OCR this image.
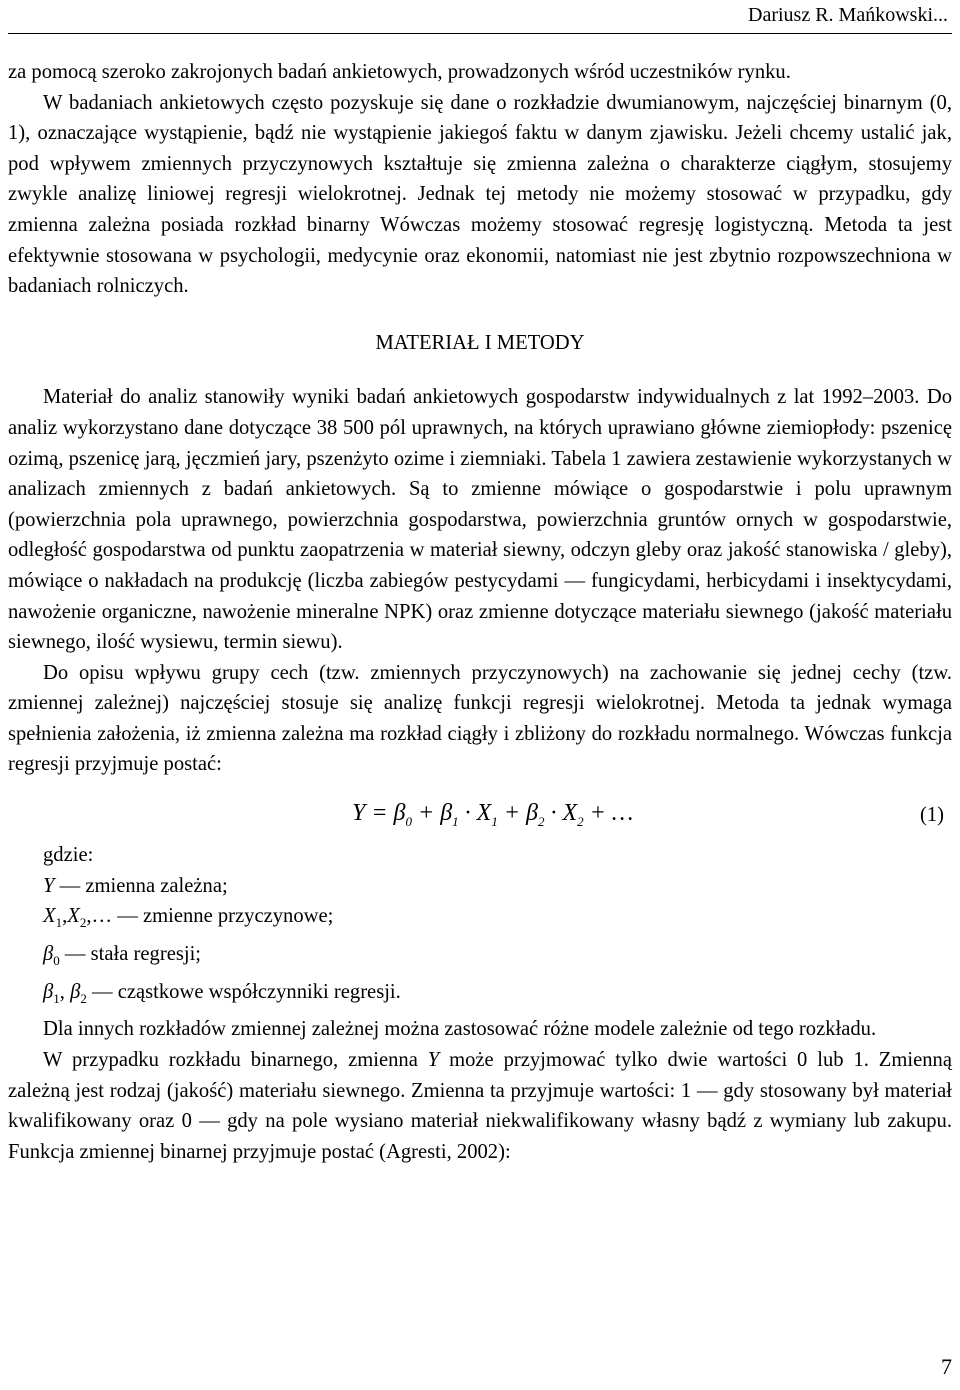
Dariusz R. Mańkowski...

za pomocą szeroko zakrojonych badań ankietowych, prowadzonych wśród uczestników rynku.

W badaniach ankietowych często pozyskuje się dane o rozkładzie dwumianowym, najczęściej binarnym (0, 1), oznaczające wystąpienie, bądź nie wystąpienie jakiegoś faktu w danym zjawisku. Jeżeli chcemy ustalić jak, pod wpływem zmiennych przyczynowych kształtuje się zmienna zależna o charakterze ciągłym, stosujemy zwykle analizę liniowej regresji wielokrotnej. Jednak tej metody nie możemy stosować w przypadku, gdy zmienna zależna posiada rozkład binarny Wówczas możemy stosować regresję logistyczną. Metoda ta jest efektywnie stosowana w psychologii, medycynie oraz ekonomii, natomiast nie jest zbytnio rozpowszechniona w badaniach rolniczych.

MATERIAŁ I METODY

Materiał do analiz stanowiły wyniki badań ankietowych gospodarstw indywidualnych z lat 1992–2003. Do analiz wykorzystano dane dotyczące 38 500 pól uprawnych, na których uprawiano główne ziemiopłody: pszenicę ozimą, pszenicę jarą, jęczmień jary, pszenżyto ozime i ziemniaki. Tabela 1 zawiera zestawienie wykorzystanych w analizach zmiennych z badań ankietowych. Są to zmienne mówiące o gospodarstwie i polu uprawnym (powierzchnia pola uprawnego, powierzchnia gospodarstwa, powierzchnia gruntów ornych w gospodarstwie, odległość gospodarstwa od punktu zaopatrzenia w materiał siewny, odczyn gleby oraz jakość stanowiska / gleby), mówiące o nakładach na produkcję (liczba zabiegów pestycydami — fungicydami, herbicydami i insektycydami, nawożenie organiczne, nawożenie mineralne NPK) oraz zmienne dotyczące materiału siewnego (jakość materiału siewnego, ilość wysiewu, termin siewu).

Do opisu wpływu grupy cech (tzw. zmiennych przyczynowych) na zachowanie się jednej cechy (tzw. zmiennej zależnej) najczęściej stosuje się analizę funkcji regresji wielokrotnej. Metoda ta jednak wymaga spełnienia założenia, iż zmienna zależna ma rozkład ciągły i zbliżony do rozkładu normalnego. Wówczas funkcja regresji przyjmuje postać:

$Y = \beta_0 + \beta_1 \cdot X_1 + \beta_2 \cdot X_2$ + …	(1)
gdzie:
Y — zmienna zależna;
$X_1,X_2,\dots$ — zmienne przyczynowe;
$\beta_0$ — stała regresji;
$\beta_1$, $\beta_2$ — cząstkowe współczynniki regresji.

Dla innych rozkładów zmiennej zależnej można zastosować różne modele zależnie od tego rozkładu.

W przypadku rozkładu binarnego, zmienna Y może przyjmować tylko dwie wartości 0 lub 1. Zmienną zależną jest rodzaj (jakość) materiału siewnego. Zmienna ta przyjmuje wartości: 1 — gdy stosowany był materiał kwalifikowany oraz 0 — gdy na pole wysiano materiał niekwalifikowany własny bądź z wymiany lub zakupu. Funkcja zmiennej binarnej przyjmuje postać (Agresti, 2002):

7
